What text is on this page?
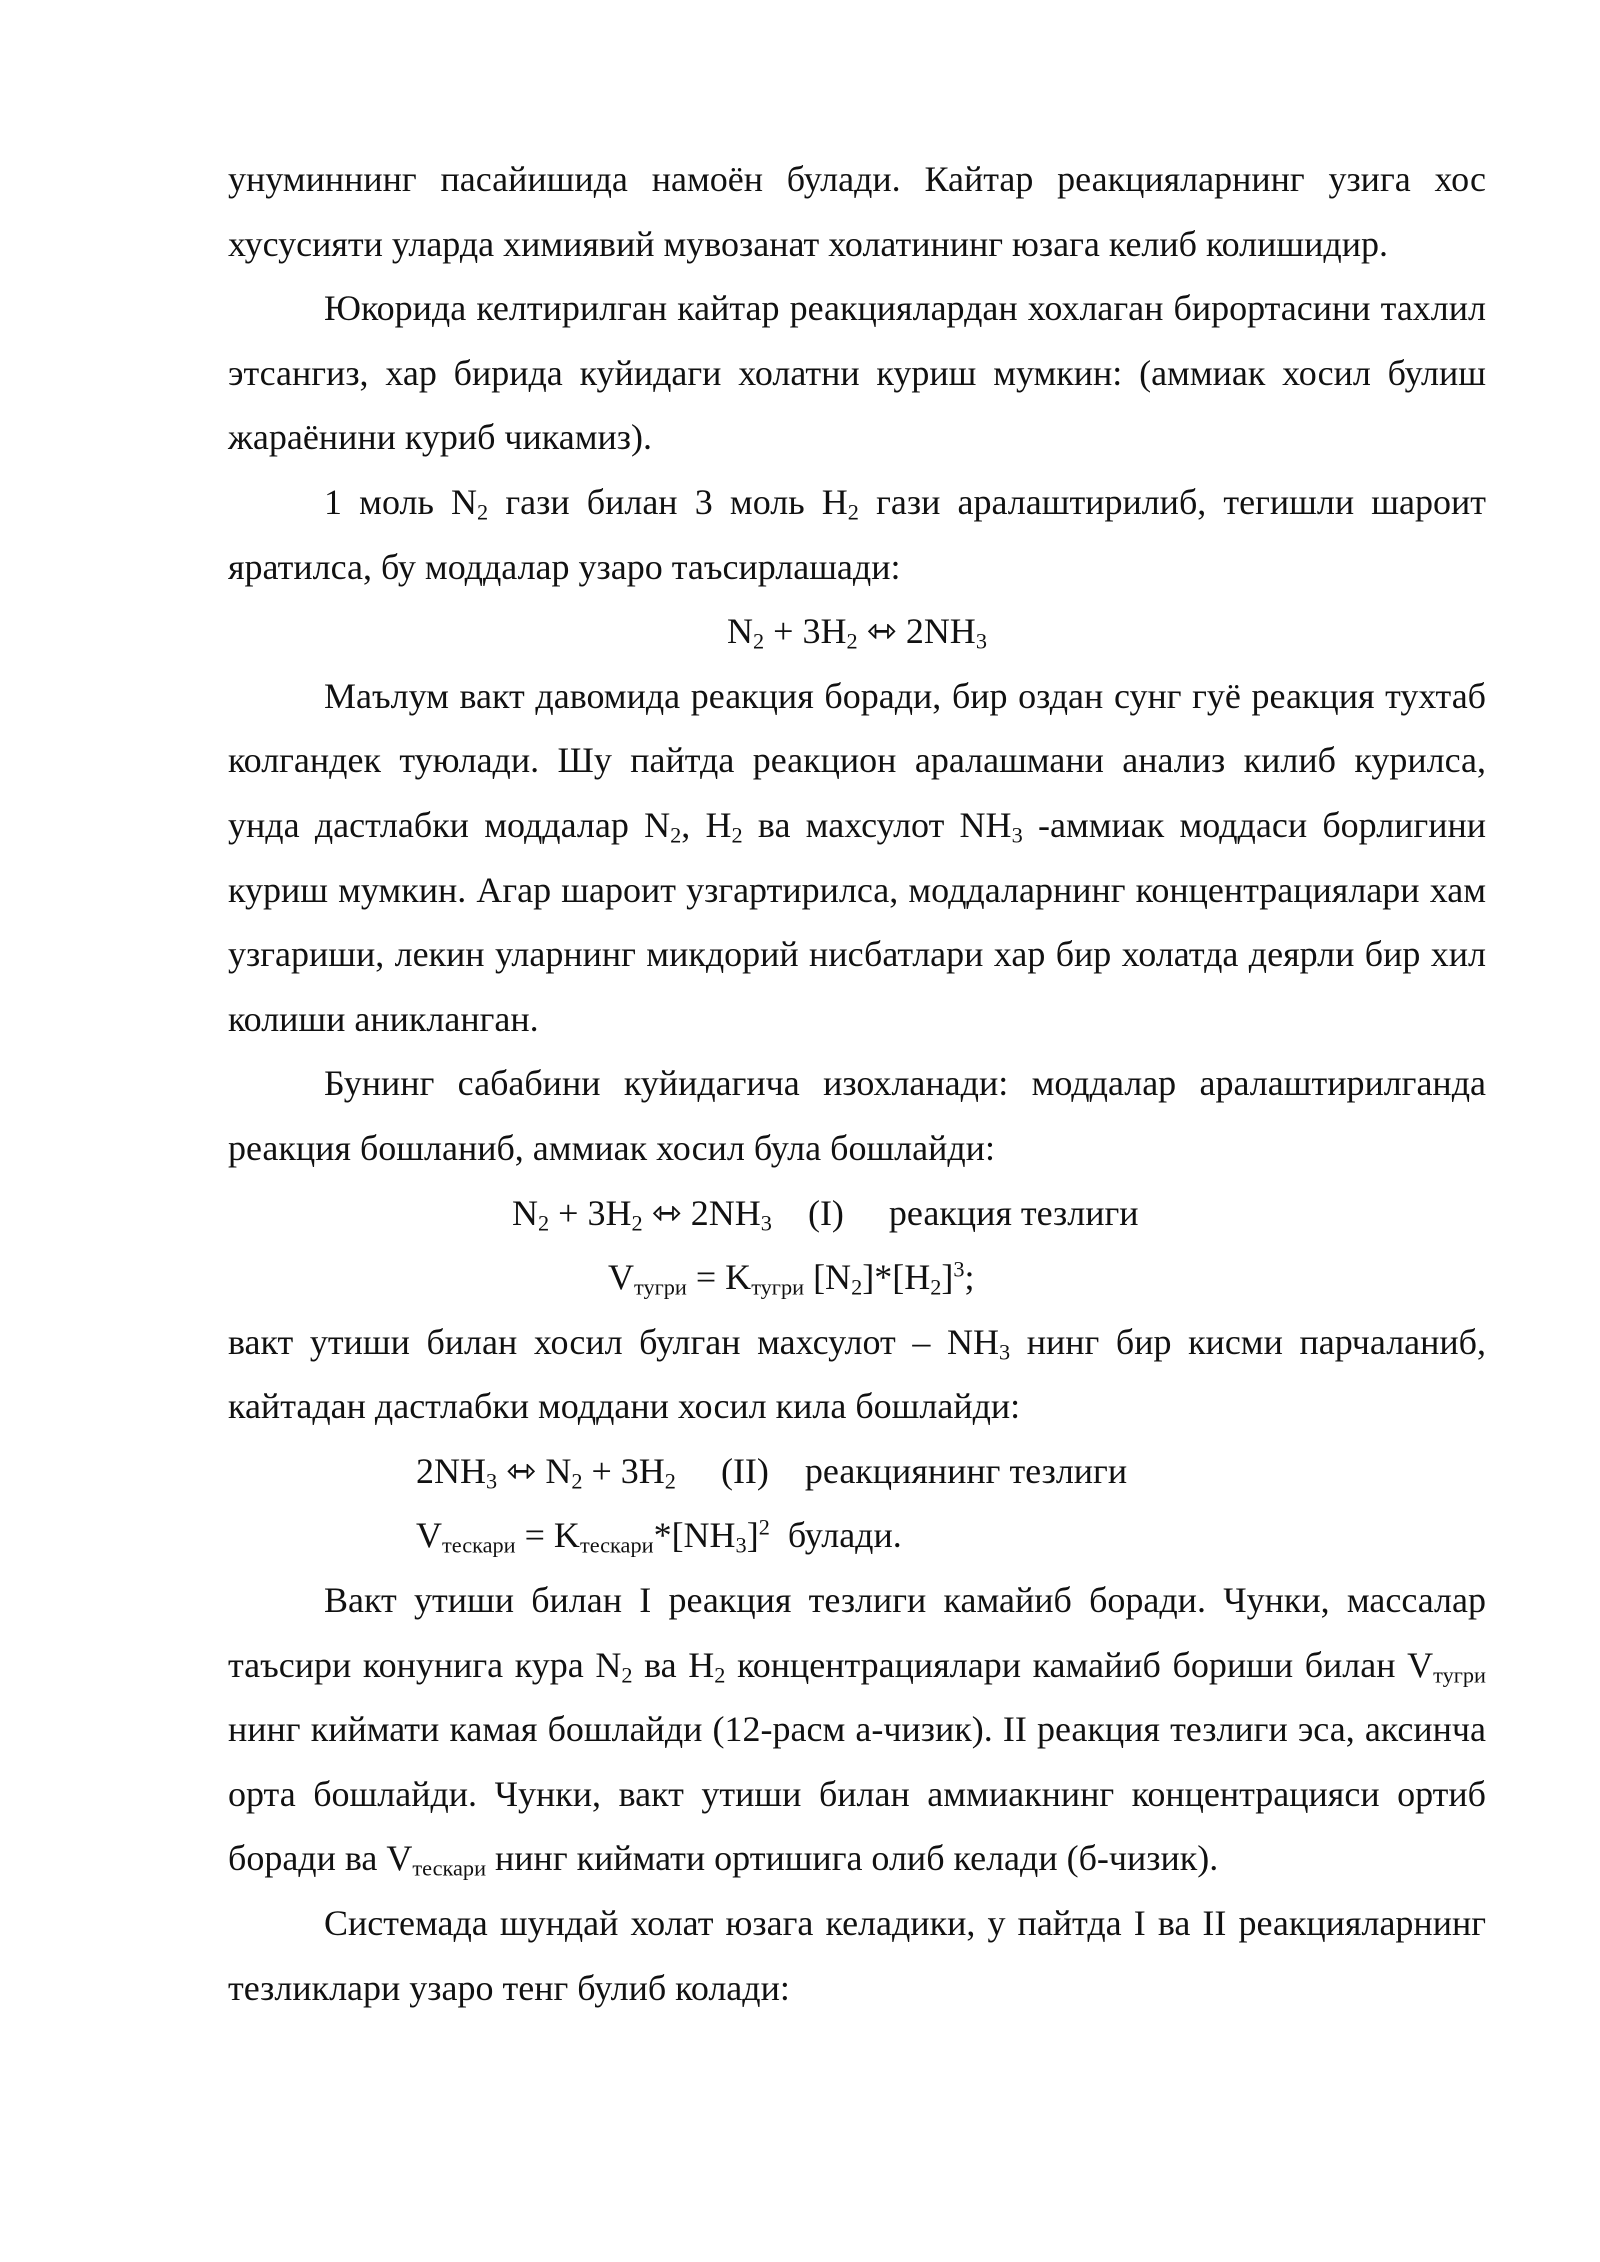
унуминнинг пасайишида намоён булади. Кайтар реакцияларнинг узига хос хусусияти уларда химиявий мувозанат холатининг юзага келиб колишидир.

Юкорида келтирилган кайтар реакциялардан хохлаган бирортасини тахлил этсангиз, хар бирида куйидаги холатни куриш мумкин: (аммиак хосил булиш жараёнини куриб чикамиз).

1 моль $N_2$ гази билан 3 моль $H_2$ гази аралаштирилиб, тегишли шароит яратилса, бу моддалар узаро таъсирлашади:

$N_2 + 3H_2$ ⇿ $2NH_3$

Маълум вакт давомида реакция боради, бир оздан сунг гуё реакция тухтаб колгандек туюлади. Шу пайтда реакцион аралашмани анализ килиб курилса, унда дастлабки моддалар $N_2$, $H_2$ ва махсулот $NH_3$ -аммиак моддаси борлигини куриш мумкин. Агар шароит узгартирилса, моддаларнинг концентрациялари хам узгариши, лекин уларнинг микдорий нисбатлари хар бир холатда деярли бир хил колиши аникланган.

Бунинг сабабини куйидагича изохланади: моддалар аралаштирилганда реакция бошланиб, аммиак хосил була бошлайди:

$N_2 + 3H_2$ ⇿ $2NH_3$    (I)     реакция тезлиги

$V_{тугри} = K_{тугри}$ $[N_2]*[H_2]^3$;

вакт утиши билан хосил булган махсулот – $NH_3$ нинг бир кисми парчаланиб, кайтадан дастлабки моддани хосил кила бошлайди:

$2NH_3$ ⇿ $N_2 + 3H_2$     (II)    реакциянинг тезлиги

$V_{тескари} = K_{тескари}*[NH_3]^2$  булади.

Вакт утиши билан I реакция тезлиги камайиб боради. Чунки, массалар таъсири конунига кура $N_2$ ва $H_2$ концентрациялари камайиб бориши билан $V_{тугри}$ нинг киймати камая бошлайди (12-расм а-чизик). II реакция тезлиги эса, аксинча орта бошлайди. Чунки, вакт утиши билан аммиакнинг концентрацияси ортиб боради ва $V_{тескари}$ нинг киймати ортишига олиб келади (б-чизик).

Системада шундай холат юзага келадики, у пайтда I ва II реакцияларнинг тезликлари узаро тенг булиб колади:
